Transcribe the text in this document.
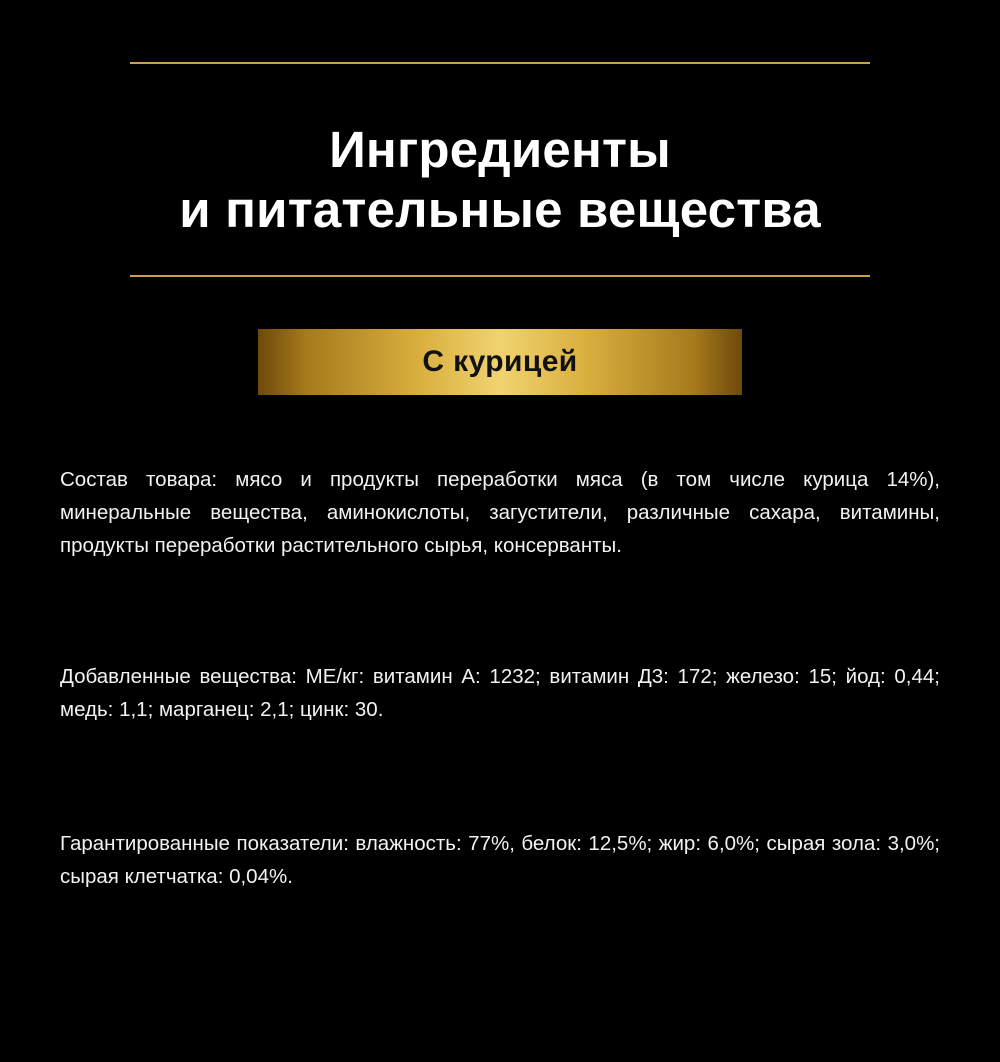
Ингредиенты
и питательные вещества
С курицей

Состав товара: мясо и продукты переработки мяса (в том числе курица 14%), минеральные вещества, аминокислоты, загустители, различные сахара, витамины, продукты переработки растительного сырья, консерванты.

Добавленные вещества: МЕ/кг: витамин А: 1232; витамин Д3: 172; железо: 15; йод: 0,44; медь: 1,1; марганец: 2,1; цинк: 30.

Гарантированные показатели: влажность: 77%, белок: 12,5%; жир: 6,0%; сырая зола: 3,0%; сырая клетчатка: 0,04%.
